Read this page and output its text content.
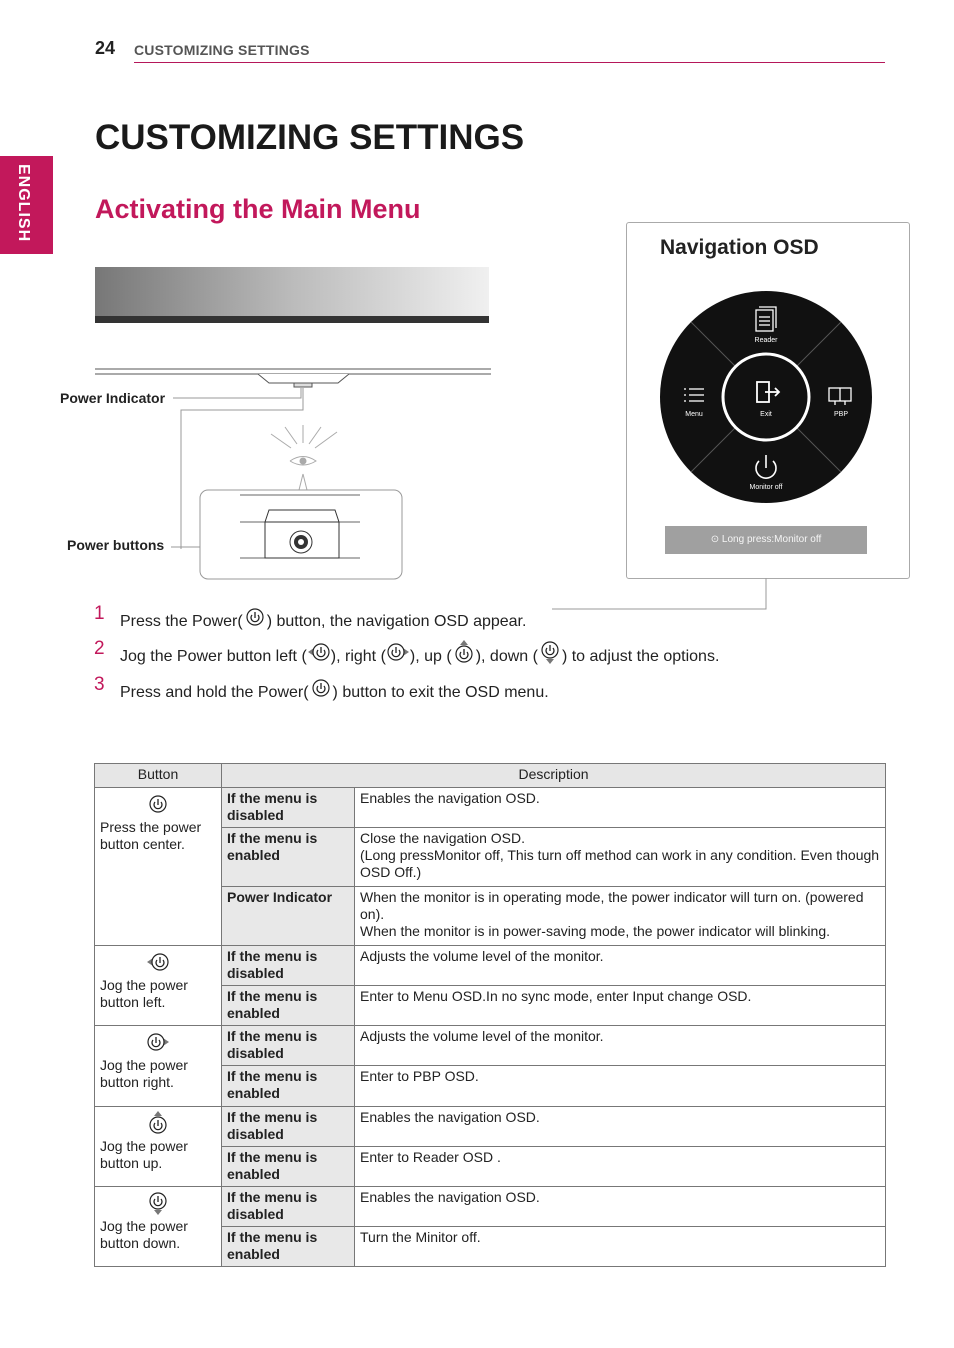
24 CUSTOMIZING SETTINGS
ENGLISH
CUSTOMIZING SETTINGS
Activating the Main Menu
Power Indicator
Power buttons
Navigation OSD
Reader
Menu	Exit	PBP
Monitor off
⊙ Long press:Monitor off
1 Press the Power( ) button, the navigation OSD appear.
2 Jog the Power button left ( ), right ( ), up ( ), down ( ) to adjust the options.
3 Press and hold the Power( ) button to exit the OSD menu.
Button	Description	

Press the power button center.	If the menu is disabled	Enables the navigation OSD.
	If the menu is enabled	Close the navigation OSD.
(Long pressMonitor off, This turn off method can work in any condition. Even though OSD Off.)
	Power Indicator	When the monitor is in operating mode, the power indicator will turn on. (powered on).
When the monitor is in power-saving mode, the power indicator will blinking.

Jog the power button left.	If the menu is disabled	Adjusts the volume level of the monitor.
	If the menu is enabled	Enter to Menu OSD.In no sync mode, enter Input change OSD.

Jog the power button right.	If the menu is disabled	Adjusts the volume level of the monitor.
	If the menu is enabled	Enter to PBP OSD.

Jog the power button up.	If the menu is disabled	Enables the navigation OSD.
	If the menu is enabled	Enter to Reader OSD .

Jog the power button down.	If the menu is disabled	Enables the navigation OSD.
	If the menu is enabled	Turn the Minitor off.
